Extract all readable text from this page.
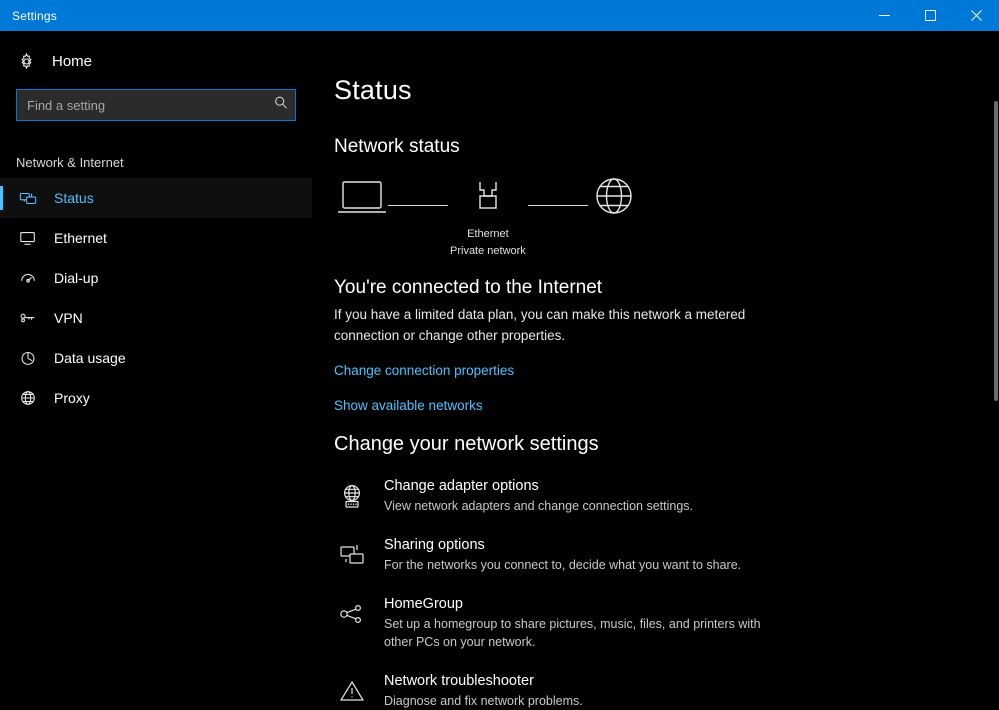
Settings
Home
Find a setting
Network & Internet
Status
Ethernet
Dial-up
VPN
Data usage
Proxy
Status
Network status

Ethernet
Private network

You're connected to the Internet
If you have a limited data plan, you can make this network a metered connection or change other properties.
Change connection properties
Show available networks
Change your network settings
Change adapter options
View network adapters and change connection settings.
Sharing options
For the networks you connect to, decide what you want to share.
HomeGroup
Set up a homegroup to share pictures, music, files, and printers with other PCs on your network.
Network troubleshooter
Diagnose and fix network problems.
